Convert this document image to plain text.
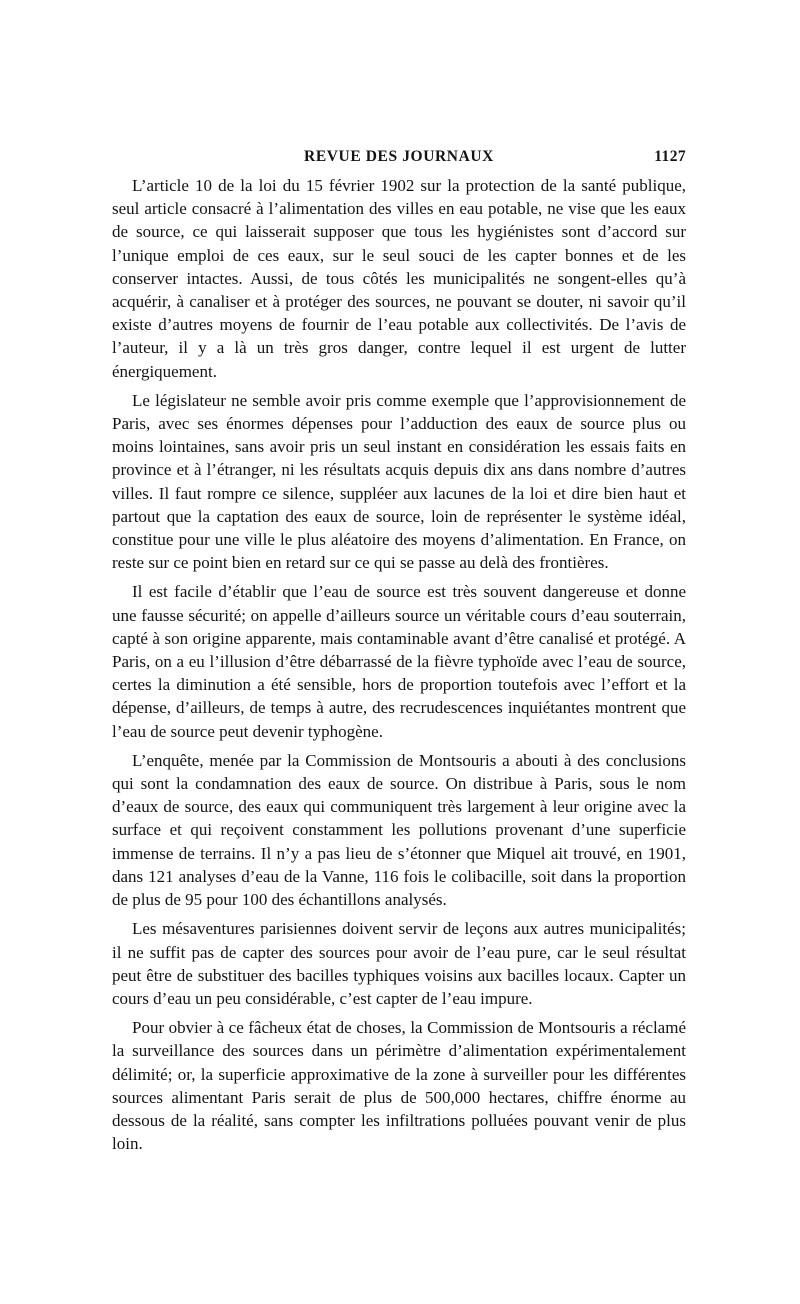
REVUE DES JOURNAUX	1127

L’article 10 de la loi du 15 février 1902 sur la protection de la santé publique, seul article consacré à l’alimentation des villes en eau potable, ne vise que les eaux de source, ce qui laisserait supposer que tous les hygiénistes sont d’accord sur l’unique emploi de ces eaux, sur le seul souci de les capter bonnes et de les conserver intactes. Aussi, de tous côtés les municipalités ne songent-elles qu’à acquérir, à canaliser et à protéger des sources, ne pouvant se douter, ni savoir qu’il existe d’autres moyens de fournir de l’eau potable aux collectivités. De l’avis de l’auteur, il y a là un très gros danger, contre lequel il est urgent de lutter énergiquement.

Le législateur ne semble avoir pris comme exemple que l’approvisionnement de Paris, avec ses énormes dépenses pour l’adduction des eaux de source plus ou moins lointaines, sans avoir pris un seul instant en considération les essais faits en province et à l’étranger, ni les résultats acquis depuis dix ans dans nombre d’autres villes. Il faut rompre ce silence, suppléer aux lacunes de la loi et dire bien haut et partout que la captation des eaux de source, loin de représenter le système idéal, constitue pour une ville le plus aléatoire des moyens d’alimentation. En France, on reste sur ce point bien en retard sur ce qui se passe au delà des frontières.

Il est facile d’établir que l’eau de source est très souvent dangereuse et donne une fausse sécurité; on appelle d’ailleurs source un véritable cours d’eau souterrain, capté à son origine apparente, mais contaminable avant d’être canalisé et protégé. A Paris, on a eu l’illusion d’être débarrassé de la fièvre typhoïde avec l’eau de source, certes la diminution a été sensible, hors de proportion toutefois avec l’effort et la dépense, d’ailleurs, de temps à autre, des recrudescences inquiétantes montrent que l’eau de source peut devenir typhogène.

L’enquête, menée par la Commission de Montsouris a abouti à des conclusions qui sont la condamnation des eaux de source. On distribue à Paris, sous le nom d’eaux de source, des eaux qui communiquent très largement à leur origine avec la surface et qui reçoivent constamment les pollutions provenant d’une superficie immense de terrains. Il n’y a pas lieu de s’étonner que Miquel ait trouvé, en 1901, dans 121 analyses d’eau de la Vanne, 116 fois le colibacille, soit dans la proportion de plus de 95 pour 100 des échantillons analysés.

Les mésaventures parisiennes doivent servir de leçons aux autres municipalités; il ne suffit pas de capter des sources pour avoir de l’eau pure, car le seul résultat peut être de substituer des bacilles typhiques voisins aux bacilles locaux. Capter un cours d’eau un peu considérable, c’est capter de l’eau impure.

Pour obvier à ce fâcheux état de choses, la Commission de Montsouris a réclamé la surveillance des sources dans un périmètre d’alimentation expérimentalement délimité; or, la superficie approximative de la zone à surveiller pour les différentes sources alimentant Paris serait de plus de 500,000 hectares, chiffre énorme au dessous de la réalité, sans compter les infiltrations polluées pouvant venir de plus loin.
